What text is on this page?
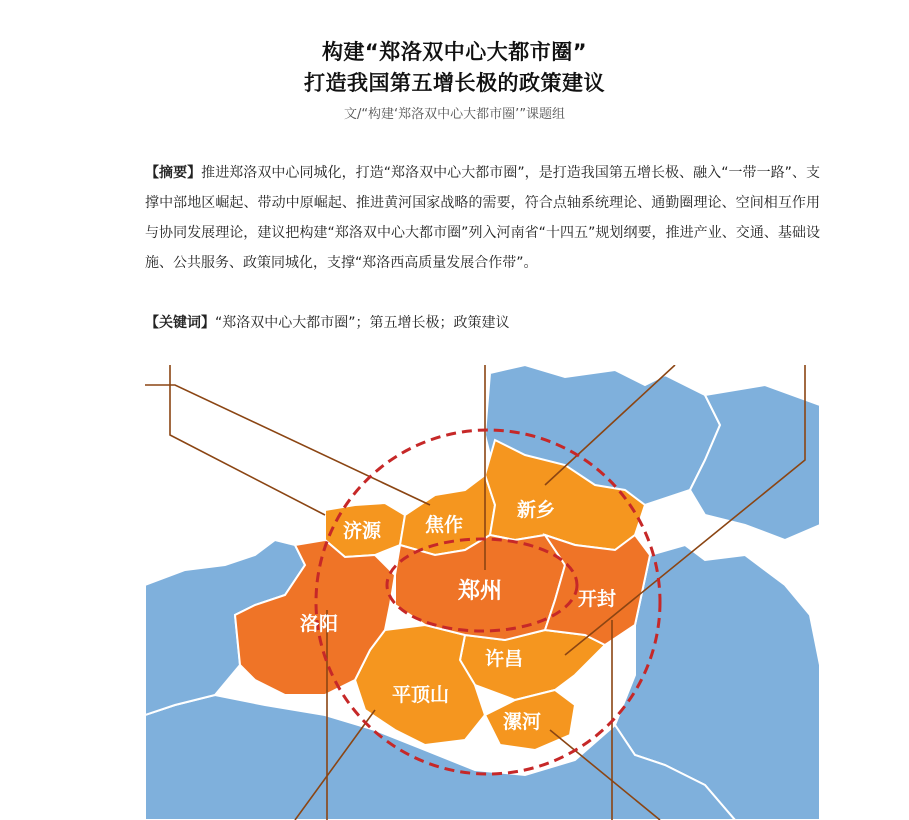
构建“郑洛双中心大都市圈”
打造我国第五增长极的政策建议
文/“构建‘郑洛双中心大都市圈’”课题组
【摘要】推进郑洛双中心同城化，打造“郑洛双中心大都市圈”，是打造我国第五增长极、融入“一带一路”、支撑中部地区崛起、带动中原崛起、推进黄河国家战略的需要，符合点轴系统理论、通勤圈理论、空间相互作用与协同发展理论，建议把构建“郑洛双中心大都市圈”列入河南省“十四五”规划纲要，推进产业、交通、基础设施、公共服务、政策同城化，支撑“郑洛西高质量发展合作带”。
【关键词】“郑洛双中心大都市圈”；第五增长极；政策建议
济源 焦作
新乡
郑州	开封
洛阳
许昌
平顶山
漯河
